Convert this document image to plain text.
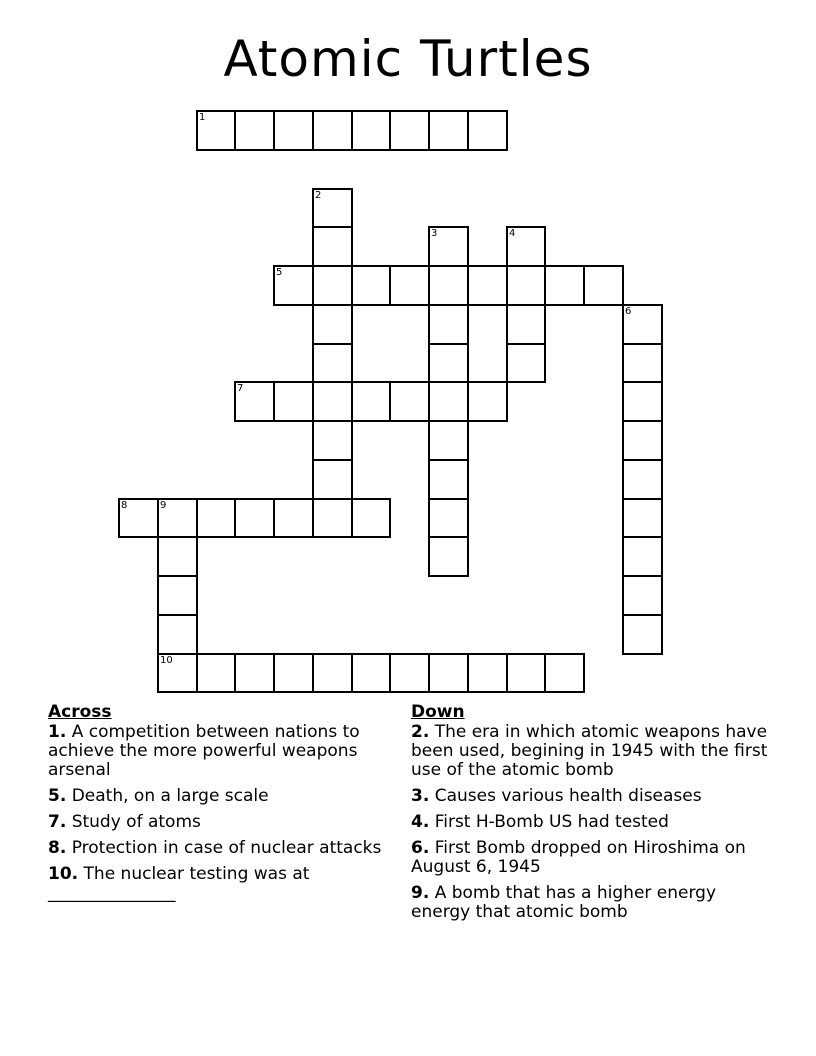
Atomic Turtles
1
2
3	4
5
6
7
8	9
10
Across
1. A competition between nations to achieve the more powerful weapons arsenal
5. Death, on a large scale
7. Study of atoms
8. Protection in case of nuclear attacks
10. The nuclear testing was at _______________
Down
2. The era in which atomic weapons have been used, begining in 1945 with the first use of the atomic bomb
3. Causes various health diseases
4. First H-Bomb US had tested
6. First Bomb dropped on Hiroshima on August 6, 1945
9. A bomb that has a higher energy energy that atomic bomb
